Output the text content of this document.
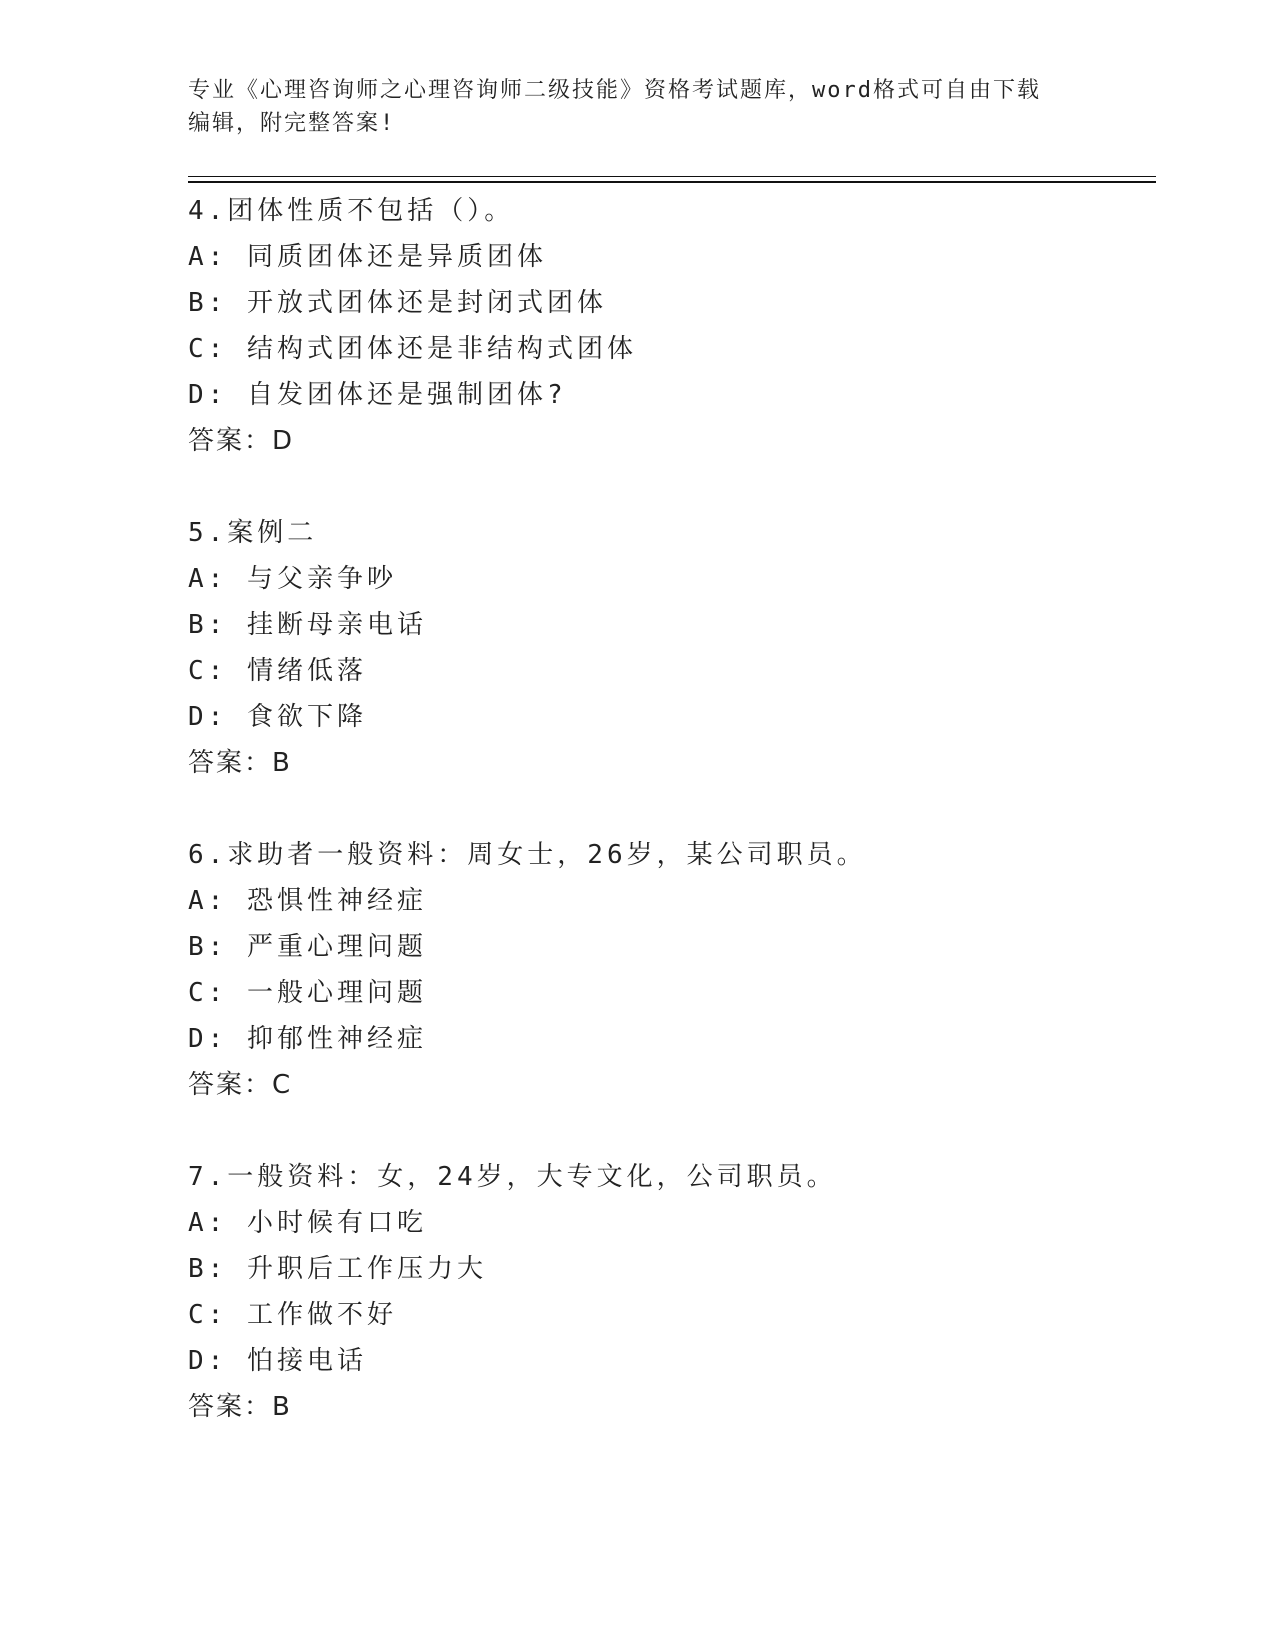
专业《心理咨询师之心理咨询师二级技能》资格考试题库，word格式可自由下载
编辑，附完整答案!
4.团体性质不包括（）。
A: 同质团体还是异质团体
B: 开放式团体还是封闭式团体
C: 结构式团体还是非结构式团体
D: 自发团体还是强制团体?
答案：D
5.案例二
A: 与父亲争吵
B: 挂断母亲电话
C: 情绪低落
D: 食欲下降
答案：B
6.求助者一般资料：周女士，26岁，某公司职员。
A: 恐惧性神经症
B: 严重心理问题
C: 一般心理问题
D: 抑郁性神经症
答案：C
7.一般资料：女，24岁，大专文化，公司职员。
A: 小时候有口吃
B: 升职后工作压力大
C: 工作做不好
D: 怕接电话
答案：B
